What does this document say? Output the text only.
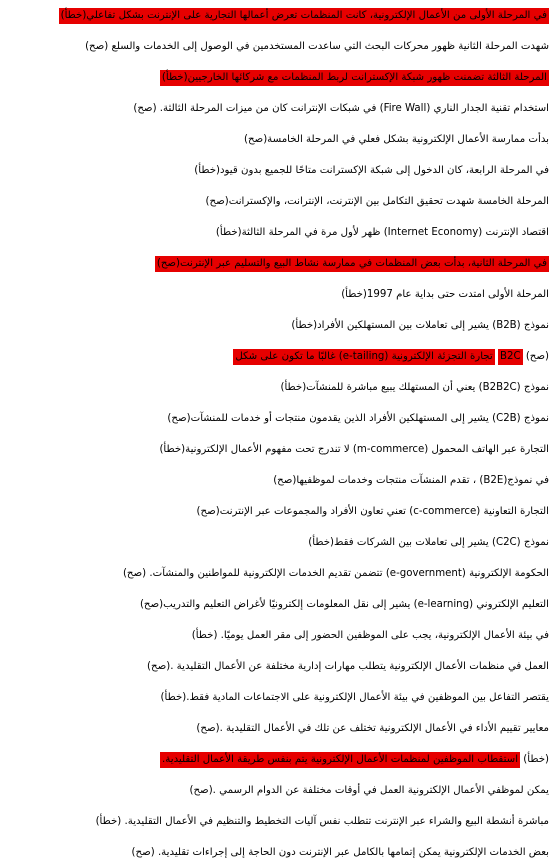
في المرحلة الأولى من الأعمال الإلكترونية، كانت المنظمات تعرض أعمالها التجارية على الإنترنت بشكل تفاعلي(خطأ)
شهدت المرحلة الثانية ظهور محركات البحث التي ساعدت المستخدمين في الوصول إلى الخدمات والسلع (صح)
المرحلة الثالثة تضمنت ظهور شبكة الإكسترانت لربط المنظمات مع شركائها الخارجيين(خطأ)
استخدام تقنية الجدار الناري (Fire Wall) في شبكات الإنترانت كان من ميزات المرحلة الثالثة. (صح)
بدأت ممارسة الأعمال الإلكترونية بشكل فعلي في المرحلة الخامسة(صح)
في المرحلة الرابعة، كان الدخول إلى شبكة الإكسترانت متاحًا للجميع بدون قيود(خطأ)
المرحلة الخامسة شهدت تحقيق التكامل بين الإنترنت، الإنترانت، والإكسترانت(صح)
اقتصاد الإنترنت (Internet Economy) ظهر لأول مرة في المرحلة الثالثة(خطأ)
في المرحلة الثانية، بدأت بعض المنظمات في ممارسة نشاط البيع والتسليم عبر الإنترنت(صح)
المرحلة الأولى امتدت حتى بداية عام 1997(خطأ)
نموذج (B2B) يشير إلى تعاملات بين المستهلكين الأفراد(خطأ)
تجارة التجزئة الإلكترونية (e-tailing) غالبًا ما تكون على شكل
B2C
(صح)
نموذج (B2B2C) يعني أن المستهلك يبيع مباشرة للمنشآت(خطأ)
نموذج (C2B) يشير إلى المستهلكين الأفراد الذين يقدمون منتجات أو خدمات للمنشآت(صح)
التجارة عبر الهاتف المحمول (m-commerce) لا تندرج تحت مفهوم الأعمال الإلكترونية(خطأ)
في نموذج(B2E) ، تقدم المنشآت منتجات وخدمات لموظفيها(صح)
التجارة التعاونية (c-commerce) تعني تعاون الأفراد والمجموعات عبر الإنترنت(صح)
نموذج (C2C) يشير إلى تعاملات بين الشركات فقط(خطأ)
الحكومة الإلكترونية (e-government) تتضمن تقديم الخدمات الإلكترونية للمواطنين والمنشآت. (صح)
التعليم الإلكتروني (e-learning) يشير إلى نقل المعلومات إلكترونيًا لأغراض التعليم والتدريب(صح)
في بيئة الأعمال الإلكترونية، يجب على الموظفين الحضور إلى مقر العمل يوميًا. (خطأ)
العمل في منظمات الأعمال الإلكترونية يتطلب مهارات إدارية مختلفة عن الأعمال التقليدية .(صح)
يقتصر التفاعل بين الموظفين في بيئة الأعمال الإلكترونية على الاجتماعات المادية فقط.(خطأ)
معايير تقييم الأداء في الأعمال الإلكترونية تختلف عن تلك في الأعمال التقليدية .(صح)
استقطاب الموظفين لمنظمات الأعمال الإلكترونية يتم بنفس طريقة الأعمال التقليدية.
(خطأ)
يمكن لموظفي الأعمال الإلكترونية العمل في أوقات مختلفة عن الدوام الرسمي .(صح)
مباشرة أنشطة البيع والشراء عبر الإنترنت تتطلب نفس آليات التخطيط والتنظيم في الأعمال التقليدية. (خطأ)
بعض الخدمات الإلكترونية يمكن إتمامها بالكامل عبر الإنترنت دون الحاجة إلى إجراءات تقليدية. (صح)
